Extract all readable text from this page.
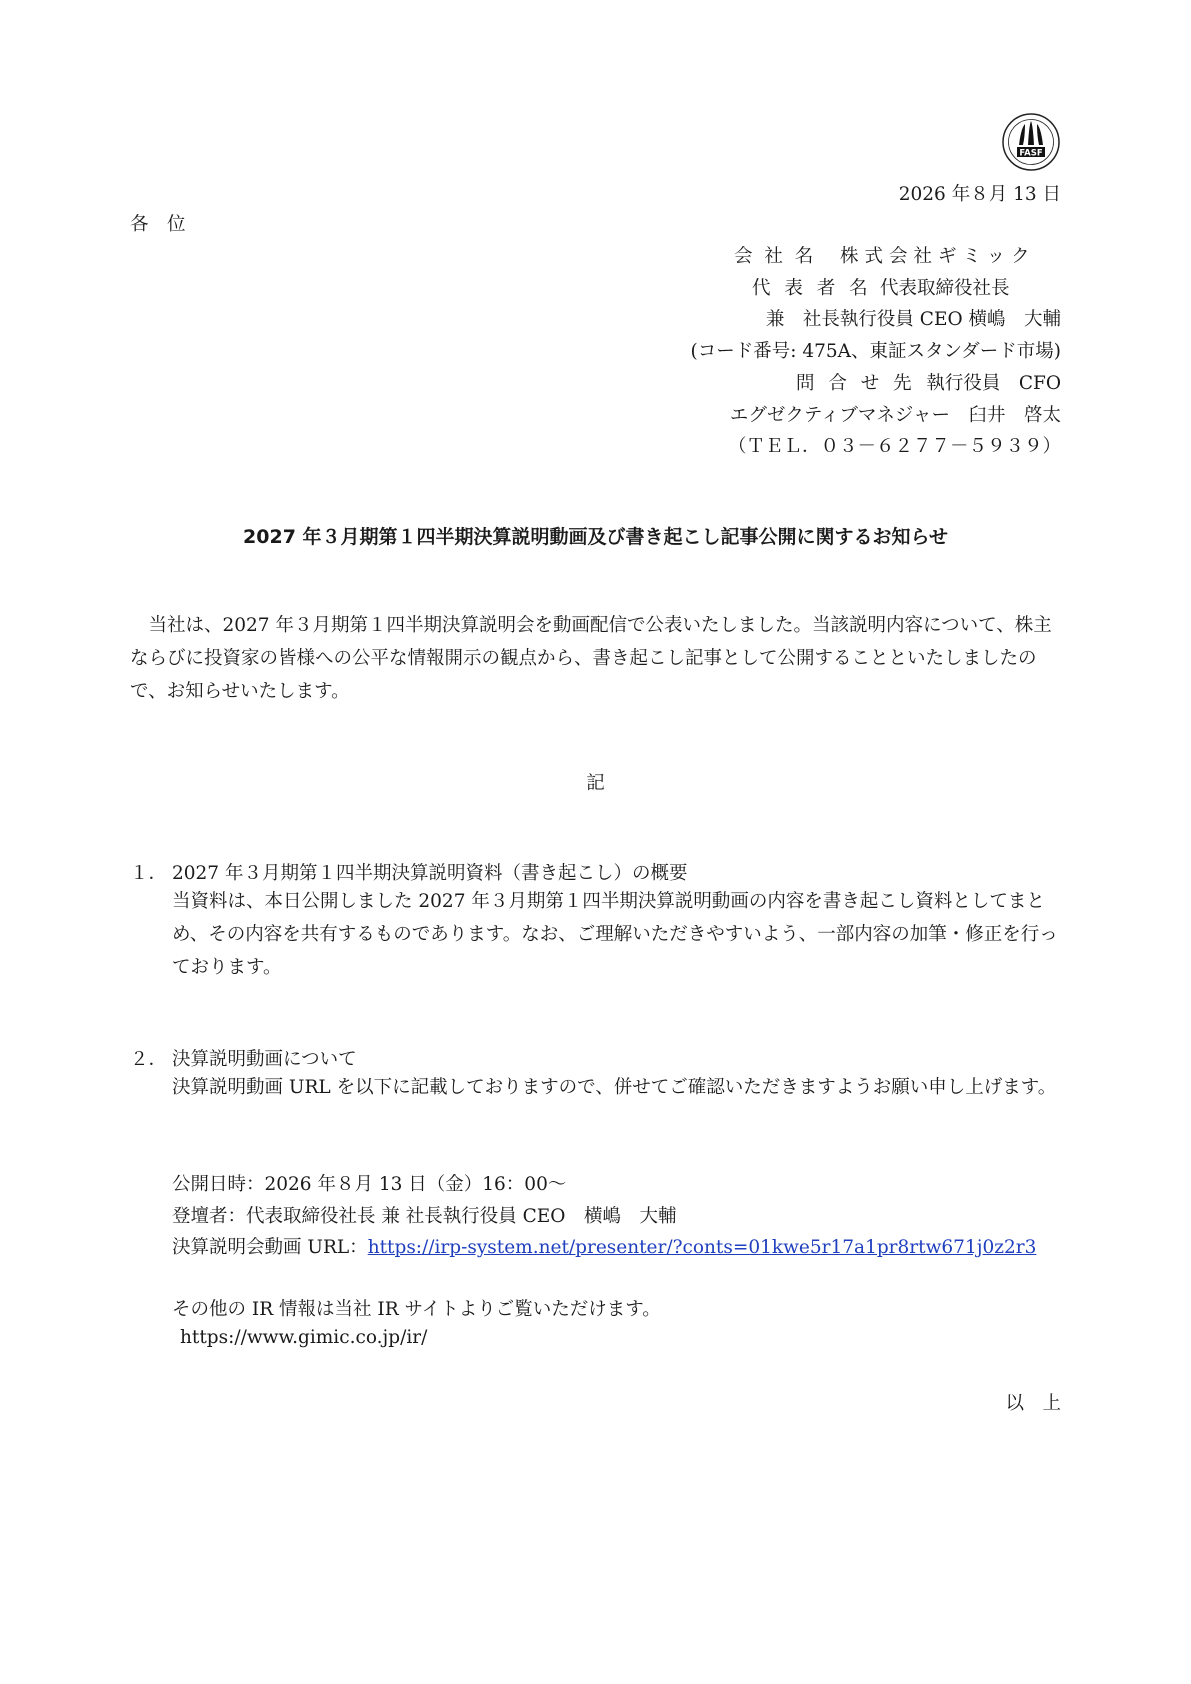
FASF
2026 年８月 13 日
各　位
会 社 名 株式会社ギミック
代 表 者 名 代表取締役社長
兼　社長執行役員 CEO 横嶋　大輔
(コード番号: 475A、東証スタンダード市場)
問 合 せ 先 執行役員　CFO
エグゼクティブマネジャー　臼井　啓太
（ＴＥＬ．０３－６２７７－５９３９）
2027 年３月期第１四半期決算説明動画及び書き起こし記事公開に関するお知らせ
当社は、2027 年３月期第１四半期決算説明会を動画配信で公表いたしました。当該説明内容について、株主ならびに投資家の皆様への公平な情報開示の観点から、書き起こし記事として公開することといたしましたので、お知らせいたします。
記
１． 2027 年３月期第１四半期決算説明資料（書き起こし）の概要
当資料は、本日公開しました 2027 年３月期第１四半期決算説明動画の内容を書き起こし資料としてまとめ、その内容を共有するものであります。なお、ご理解いただきやすいよう、一部内容の加筆・修正を行っております。
２． 決算説明動画について
決算説明動画 URL を以下に記載しておりますので、併せてご確認いただきますようお願い申し上げます。
公開日時：2026 年８月 13 日（金）16：00～
登壇者：代表取締役社長 兼 社長執行役員 CEO　横嶋　大輔
決算説明会動画 URL：https://irp-system.net/presenter/?conts=01kwe5r17a1pr8rtw671j0z2r3
その他の IR 情報は当社 IR サイトよりご覧いただけます。
https://www.gimic.co.jp/ir/
以　上
